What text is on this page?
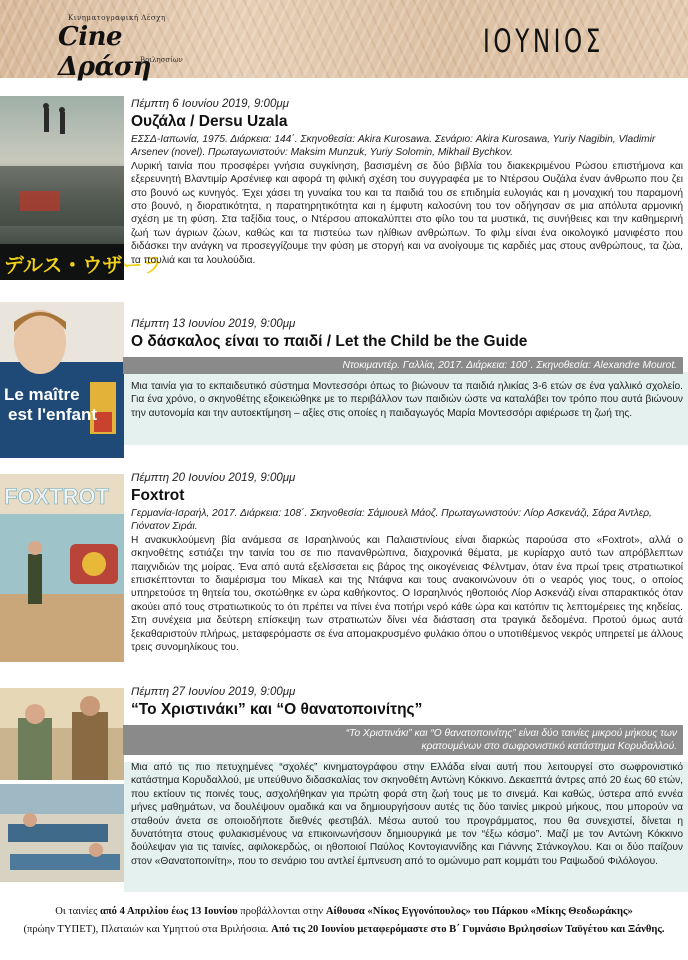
Κινηματογραφική Λέσχη
Cine Δράση
Βριλησσίων	ΙΟΥΝΙΟΣ
デルス・ウザーラ

Πέμπτη 6 Ιουνίου 2019, 9:00μμ

Ουζάλα / Dersu Uzala
ΕΣΣΔ-Ιαπωνία, 1975. Διάρκεια: 144΄. Σκηνοθεσία: Akira Kurosawa. Σενάριο: Akira Kurosawa, Yuriy Nagibin, Vladimir Arsenev (novel). Πρωταγωνιστούν: Maksim Munzuk, Yuriy Solomin, Mikhail Bychkov.
Λυρική ταινία που προσφέρει γνήσια συγκίνηση, βασισμένη σε δύο βιβλία του διακεκριμένου Ρώσου επιστήμονα και εξερευνητή Βλαντιμίρ Αρσένιεφ και αφορά τη φιλική σχέση του συγγραφέα με το Ντέρσου Ουζάλα έναν άνθρωπο που ζει στο βουνό ως κυνηγός. Έχει χάσει τη γυναίκα του και τα παιδιά του σε επιδημία ευλογιάς και η μοναχική του παραμονή στο βουνό, η διορατικότητα, η παρατηρητικότητα και η έμφυτη καλοσύνη του τον οδήγησαν σε μια απόλυτα αρμονική σχέση με τη φύση. Στα ταξίδια τους, ο Ντέρσου αποκαλύπτει στο φίλο του τα μυστικά, τις συνήθειες και την καθημερινή ζωή των άγριων ζώων, καθώς και τα πιστεύω των ηλίθιων ανθρώπων. Το φιλμ είναι ένα οικολογικό μανιφέστο που διδάσκει την ανάγκη να προσεγγίζουμε την φύση με στοργή και να ανοίγουμε τις καρδιές μας στους ανθρώπους, τα ζώα, τα πουλιά και τα λουλούδια.
Le maître
est l'enfant

Πέμπτη 13 Ιουνίου 2019, 9:00μμ

Ο δάσκαλος είναι το παιδί / Let the Child be the Guide
Ντοκιμαντέρ. Γαλλία, 2017. Διάρκεια: 100΄. Σκηνοθεσία: Alexandre Mourot.
Μια ταινία για το εκπαιδευτικό σύστημα Μοντεσσόρι όπως το βιώνουν τα παιδιά ηλικίας 3-6 ετών σε ένα γαλλικό σχολείο. Για ένα χρόνο, ο σκηνοθέτης εξοικειώθηκε με το περιβάλλον των παιδιών ώστε να καταλάβει τον τρόπο που αυτά βιώνουν την αυτονομία και την αυτοεκτίμηση – αξίες στις οποίες η παιδαγωγός Μαρία Μοντεσσόρι αφιέρωσε τη ζωή της.
FOXTROT

Πέμπτη 20 Ιουνίου 2019, 9:00μμ

Foxtrot
Γερμανία-Ισραήλ, 2017. Διάρκεια: 108΄. Σκηνοθεσία: Σάμιουελ Μάοζ. Πρωταγωνιστούν: Λίορ Ασκενάζι, Σάρα Άντλερ, Γιόνατον Σιράι.
Η ανακυκλούμενη βία ανάμεσα σε Ισραηλινούς και Παλαιστινίους είναι διαρκώς παρούσα στο «Foxtrot», αλλά ο σκηνοθέτης εστιάζει την ταινία του σε πιο πανανθρώπινα, διαχρονικά θέματα, με κυρίαρχο αυτό των απρόβλεπτων παιχνιδιών της μοίρας. Ένα από αυτά εξελίσσεται εις βάρος της οικογένειας Φέλντμαν, όταν ένα πρωί τρεις στρατιωτικοί επισκέπτονται το διαμέρισμα του Μίκαελ και της Ντάφνα και τους ανακοινώνουν ότι ο νεαρός γιος τους, ο οποίος υπηρετούσε τη θητεία του, σκοτώθηκε εν ώρα καθήκοντος. Ο Ισραηλινός ηθοποιός Λίορ Ασκενάζι είναι σπαρακτικός όταν ακούει από τους στρατιωτικούς το ότι πρέπει να πίνει ένα ποτήρι νερό κάθε ώρα και κατόπιν τις λεπτομέρειες της κηδείας. Στη συνέχεια μια δεύτερη επίσκεψη των στρατιωτών δίνει νέα διάσταση στα τραγικά δεδομένα. Προτού όμως αυτά ξεκαθαριστούν πλήρως, μεταφερόμαστε σε ένα απομακρυσμένο φυλάκιο όπου ο υποτιθέμενος νεκρός υπηρετεί με άλλους τρεις συνομηλίκους του.

Πέμπτη 27 Ιουνίου 2019, 9:00μμ

“Το Χριστινάκι” και “Ο θανατοποινίτης”
“Το Χριστινάκι” και “Ο θανατοποινίτης” είναι δύο ταινίες μικρού μήκους των κρατουμένων στο σωφρονιστικό κατάστημα Κορυδαλλού.
Μια από τις πιο πετυχημένες “σχολές” κινηματογράφου στην Ελλάδα είναι αυτή που λειτουργεί στο σωφρονιστικό κατάστημα Κορυδαλλού, με υπεύθυνο διδασκαλίας τον σκηνοθέτη Αντώνη Κόκκινο. Δεκαεπτά άντρες από 20 έως 60 ετών, που εκτίουν τις ποινές τους, ασχολήθηκαν για πρώτη φορά στη ζωή τους με το σινεμά. Και καθώς, ύστερα από εννέα μήνες μαθημάτων, να δουλέψουν ομαδικά και να δημιουργήσουν αυτές τις δύο ταινίες μικρού μήκους, που μπορούν να σταθούν άνετα σε οποιοδήποτε διεθνές φεστιβάλ. Μέσω αυτού του προγράμματος, που θα συνεχιστεί, δίνεται η δυνατότητα στους φυλακισμένους να επικοινωνήσουν δημιουργικά με τον “έξω κόσμο”. Μαζί με τον Αντώνη Κόκκινο δούλεψαν για τις ταινίες, αφιλοκερδώς, οι ηθοποιοί Παύλος Κοντογιαννίδης και Γιάννης Στάνκογλου. Και οι δύο παίζουν στον «Θανατοποινίτη», που το σενάριο του αντλεί έμπνευση από το ομώνυμο ραπ κομμάτι του Ραψωδού Φιλόλογου.
Οι ταινίες από 4 Απριλίου έως 13 Ιουνίου προβάλλονται στην Αίθουσα «Νίκος Εγγονόπουλος» του Πάρκου «Μίκης Θεοδωράκης»
(πρώην ΤΥΠΕΤ), Πλαταιών και Υμηττού στα Βριλήσσια. Από τις 20 Ιουνίου μεταφερόμαστε στο Β΄ Γυμνάσιο Βριλησσίων Ταϋγέτου και Ξάνθης.
